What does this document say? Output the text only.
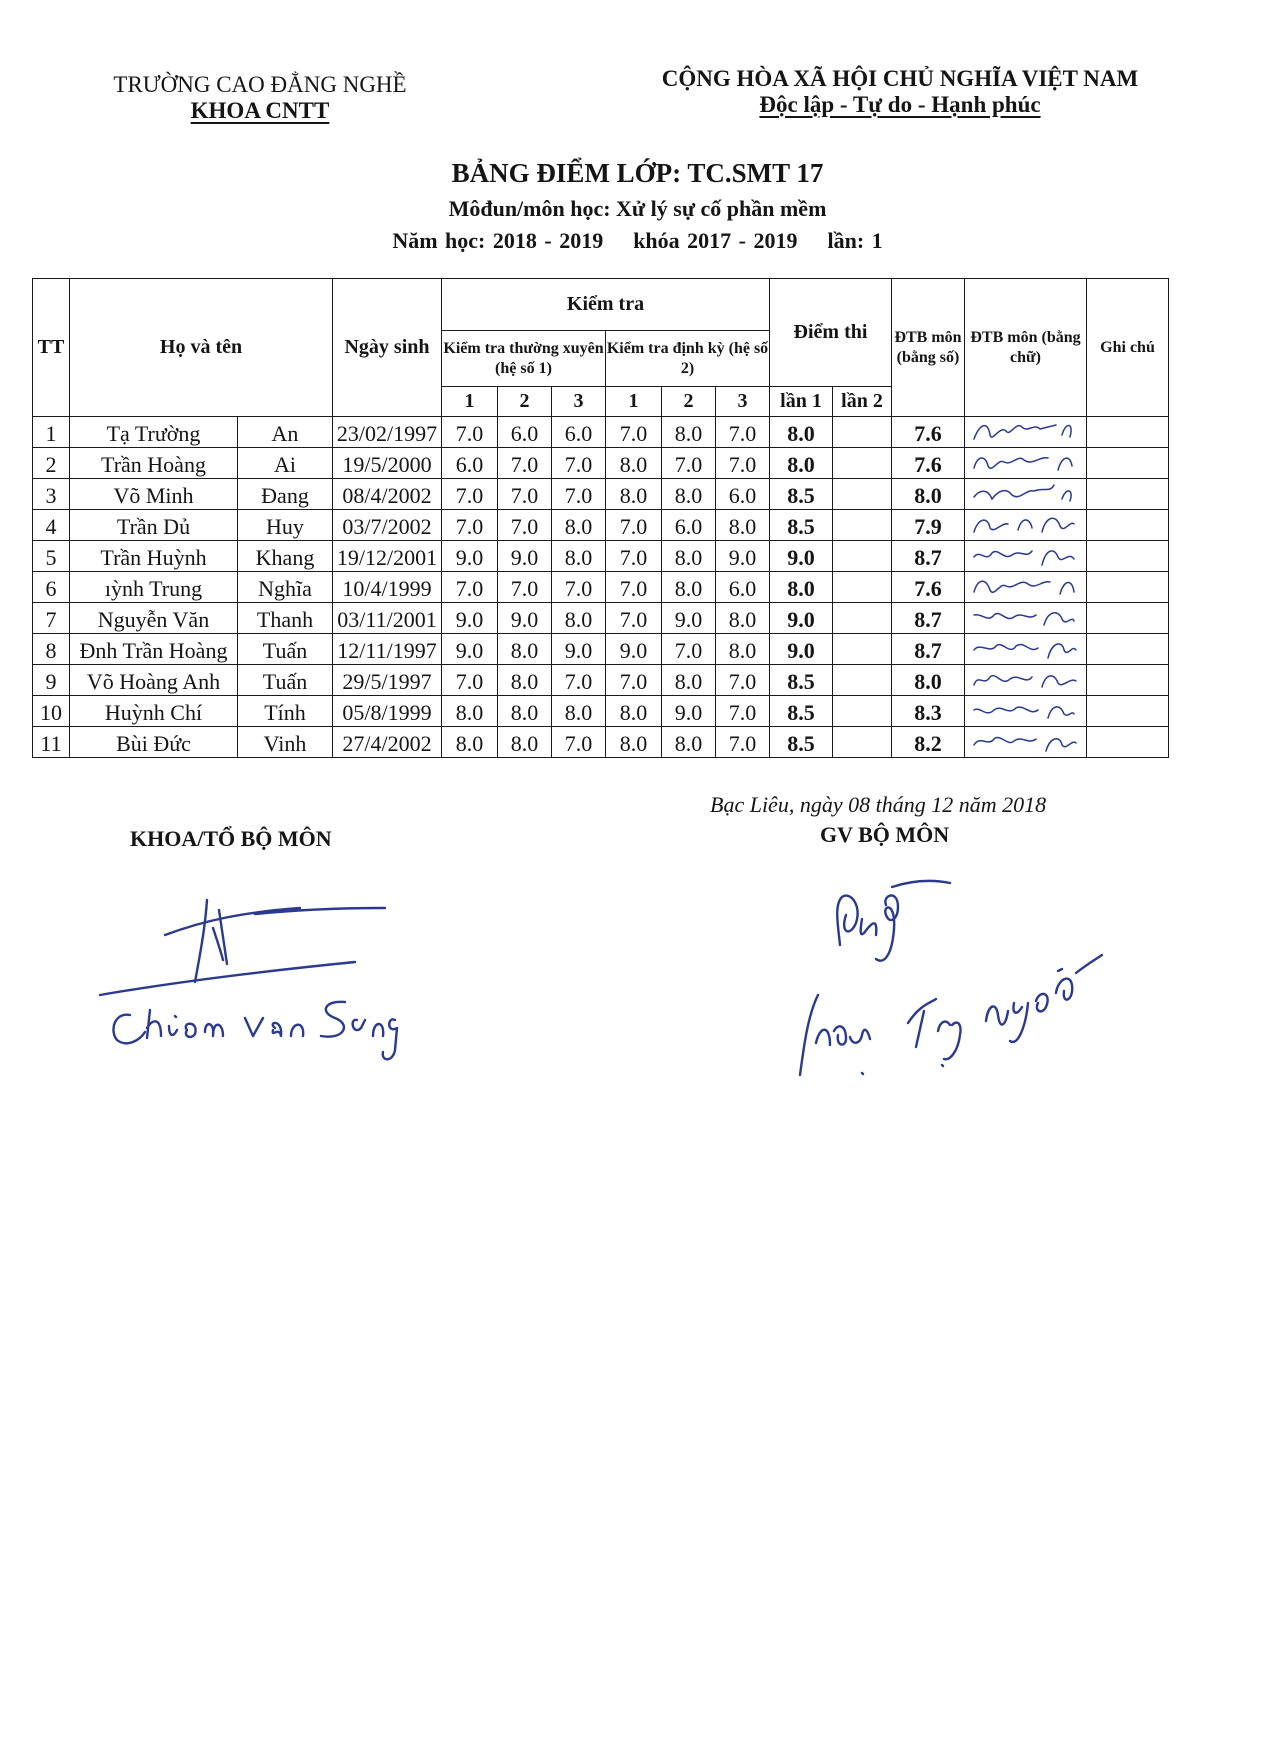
TRƯỜNG CAO ĐẲNG NGHỀ
KHOA CNTT
CỘNG HÒA XÃ HỘI CHỦ NGHĨA VIỆT NAM
Độc lập - Tự do - Hạnh phúc
BẢNG ĐIỂM LỚP: TC.SMT 17
Môđun/môn học: Xử lý sự cố phần mềm
Năm học: 2018 - 2019    khóa 2017 - 2019    lần: 1
TT	Họ và tên		Ngày sinh	Kiểm tra						Điểm thi		ĐTB môn (bằng số)	ĐTB môn (bằng chữ)	Ghi chú
				Kiểm tra thường xuyên (hệ số 1)			Kiểm tra định kỳ (hệ số 2)							
				1	2	3	1	2	3	lần 1	lần 2			
1	Tạ Trường	An	23/02/1997	7.0	6.0	6.0	7.0	8.0	7.0	8.0		7.6	

2	Trần Hoàng	Ai	19/5/2000	6.0	7.0	7.0	8.0	7.0	7.0	8.0		7.6	

3	Võ Minh	Đang	08/4/2002	7.0	7.0	7.0	8.0	8.0	6.0	8.5		8.0	

4	Trần Dủ	Huy	03/7/2002	7.0	7.0	8.0	7.0	6.0	8.0	8.5		7.9	

5	Trần Huỳnh	Khang	19/12/2001	9.0	9.0	8.0	7.0	8.0	9.0	9.0		8.7	

6	ıỳnh Trung	Nghĩa	10/4/1999	7.0	7.0	7.0	7.0	8.0	6.0	8.0		7.6	

7	Nguyễn Văn	Thanh	03/11/2001	9.0	9.0	8.0	7.0	9.0	8.0	9.0		8.7	

8	Đnh Trần Hoàng	Tuấn	12/11/1997	9.0	8.0	9.0	9.0	7.0	8.0	9.0		8.7	

9	Võ Hoàng Anh	Tuấn	29/5/1997	7.0	8.0	7.0	7.0	8.0	7.0	8.5		8.0	

10	Huỳnh Chí	Tính	05/8/1999	8.0	8.0	8.0	8.0	9.0	7.0	8.5		8.3	

11	Bùi Đức	Vinh	27/4/2002	8.0	8.0	7.0	8.0	8.0	7.0	8.5		8.2	

Bạc Liêu, ngày 08 tháng 12 năm 2018
KHOA/TỔ BỘ MÔN	GV BỘ MÔN
